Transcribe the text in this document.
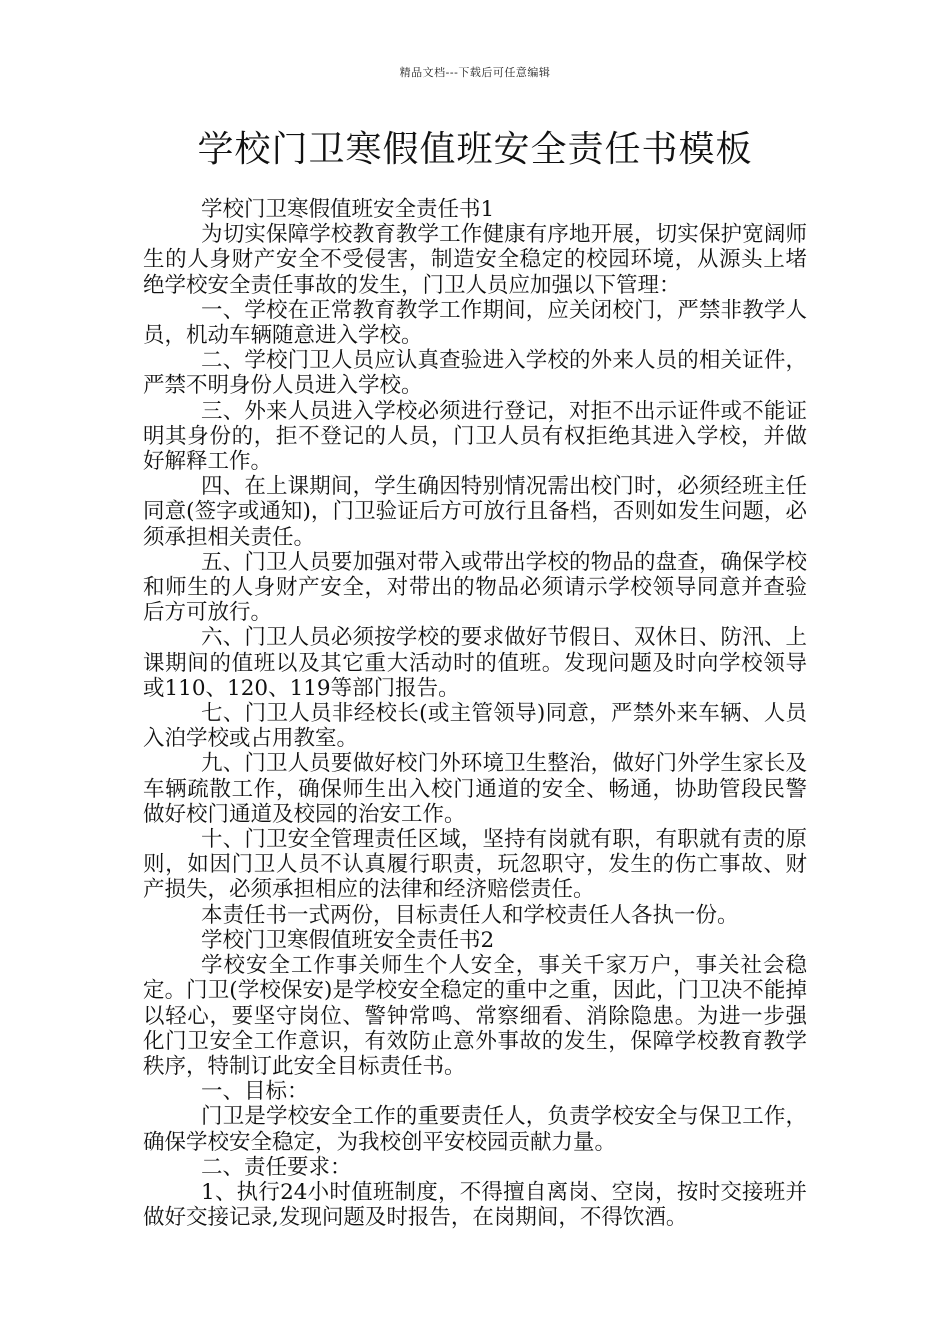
精品文档---下载后可任意编辑
学校门卫寒假值班安全责任书模板

学校门卫寒假值班安全责任书1

为切实保障学校教育教学工作健康有序地开展，切实保护宽阔师生的人身财产安全不受侵害，制造安全稳定的校园环境，从源头上堵绝学校安全责任事故的发生，门卫人员应加强以下管理：

一、学校在正常教育教学工作期间，应关闭校门，严禁非教学人员，机动车辆随意进入学校。

二、学校门卫人员应认真查验进入学校的外来人员的相关证件，严禁不明身份人员进入学校。

三、外来人员进入学校必须进行登记，对拒不出示证件或不能证明其身份的，拒不登记的人员，门卫人员有权拒绝其进入学校，并做好解释工作。

四、在上课期间，学生确因特别情况需出校门时，必须经班主任同意(签字或通知)，门卫验证后方可放行且备档，否则如发生问题，必须承担相关责任。

五、门卫人员要加强对带入或带出学校的物品的盘查，确保学校和师生的人身财产安全，对带出的物品必须请示学校领导同意并查验后方可放行。

六、门卫人员必须按学校的要求做好节假日、双休日、防汛、上课期间的值班以及其它重大活动时的值班。发现问题及时向学校领导或110、120、119等部门报告。

七、门卫人员非经校长(或主管领导)同意，严禁外来车辆、人员入泊学校或占用教室。

九、门卫人员要做好校门外环境卫生整治，做好门外学生家长及车辆疏散工作，确保师生出入校门通道的安全、畅通，协助管段民警做好校门通道及校园的治安工作。

十、门卫安全管理责任区域，坚持有岗就有职，有职就有责的原则，如因门卫人员不认真履行职责，玩忽职守，发生的伤亡事故、财产损失，必须承担相应的法律和经济赔偿责任。

本责任书一式两份，目标责任人和学校责任人各执一份。

学校门卫寒假值班安全责任书2

学校安全工作事关师生个人安全，事关千家万户，事关社会稳定。门卫(学校保安)是学校安全稳定的重中之重，因此，门卫决不能掉以轻心，要坚守岗位、警钟常鸣、常察细看、消除隐患。为进一步强化门卫安全工作意识，有效防止意外事故的发生，保障学校教育教学秩序，特制订此安全目标责任书。

一、目标：

门卫是学校安全工作的重要责任人，负责学校安全与保卫工作，确保学校安全稳定，为我校创平安校园贡献力量。

二、责任要求：

1、执行24小时值班制度，不得擅自离岗、空岗，按时交接班并做好交接记录,发现问题及时报告，在岗期间，不得饮酒。
